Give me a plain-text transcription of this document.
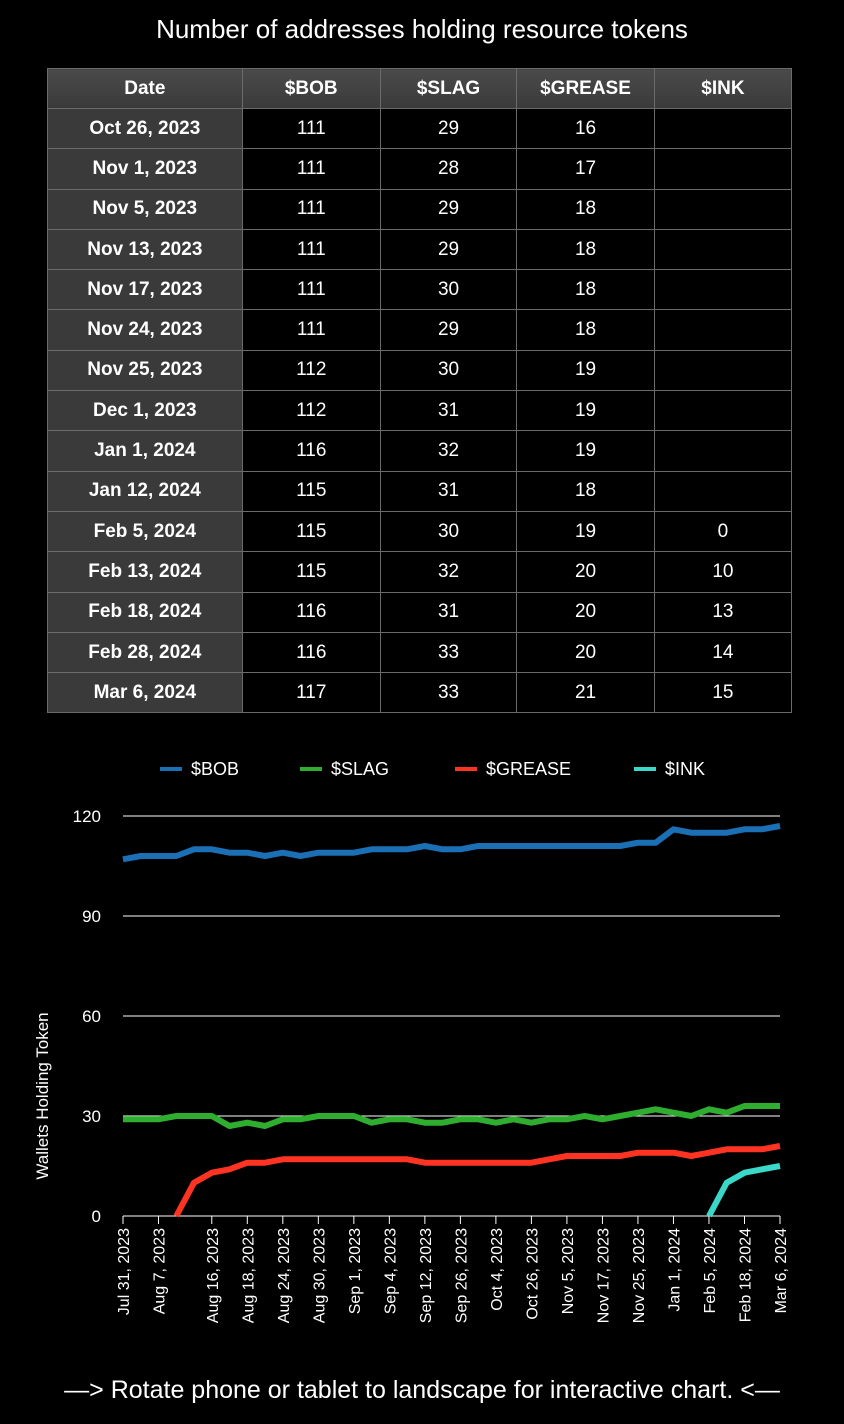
Number of addresses holding resource tokens
Date	$BOB	$SLAG	$GREASE	$INK
Oct 26, 2023	111	29	16	
Nov 1, 2023	111	28	17	
Nov 5, 2023	111	29	18	
Nov 13, 2023	111	29	18	
Nov 17, 2023	111	30	18	
Nov 24, 2023	111	29	18	
Nov 25, 2023	112	30	19	
Dec 1, 2023	112	31	19	
Jan 1, 2024	116	32	19	
Jan 12, 2024	115	31	18	
Feb 5, 2024	115	30	19	0
Feb 13, 2024	115	32	20	10
Feb 18, 2024	116	31	20	13
Feb 28, 2024	116	33	20	14
Mar 6, 2024	117	33	21	15
0
30
60
90
120
Jul 31, 2023 Aug 7, 2023 Aug 16, 2023 Aug 18, 2023 Aug 24, 2023 Aug 30, 2023 Sep 1, 2023 Sep 4, 2023 Sep 12, 2023 Sep 26, 2023 Oct 4, 2023 Oct 26, 2023 Nov 5, 2023 Nov 17, 2023 Nov 25, 2023 Jan 1, 2024 Feb 5, 2024 Feb 18, 2024 Mar 6, 2024
Wallets Holding Token
$BOB	$SLAG	$GREASE	$INK
—> Rotate phone or tablet to landscape for interactive chart. <—
